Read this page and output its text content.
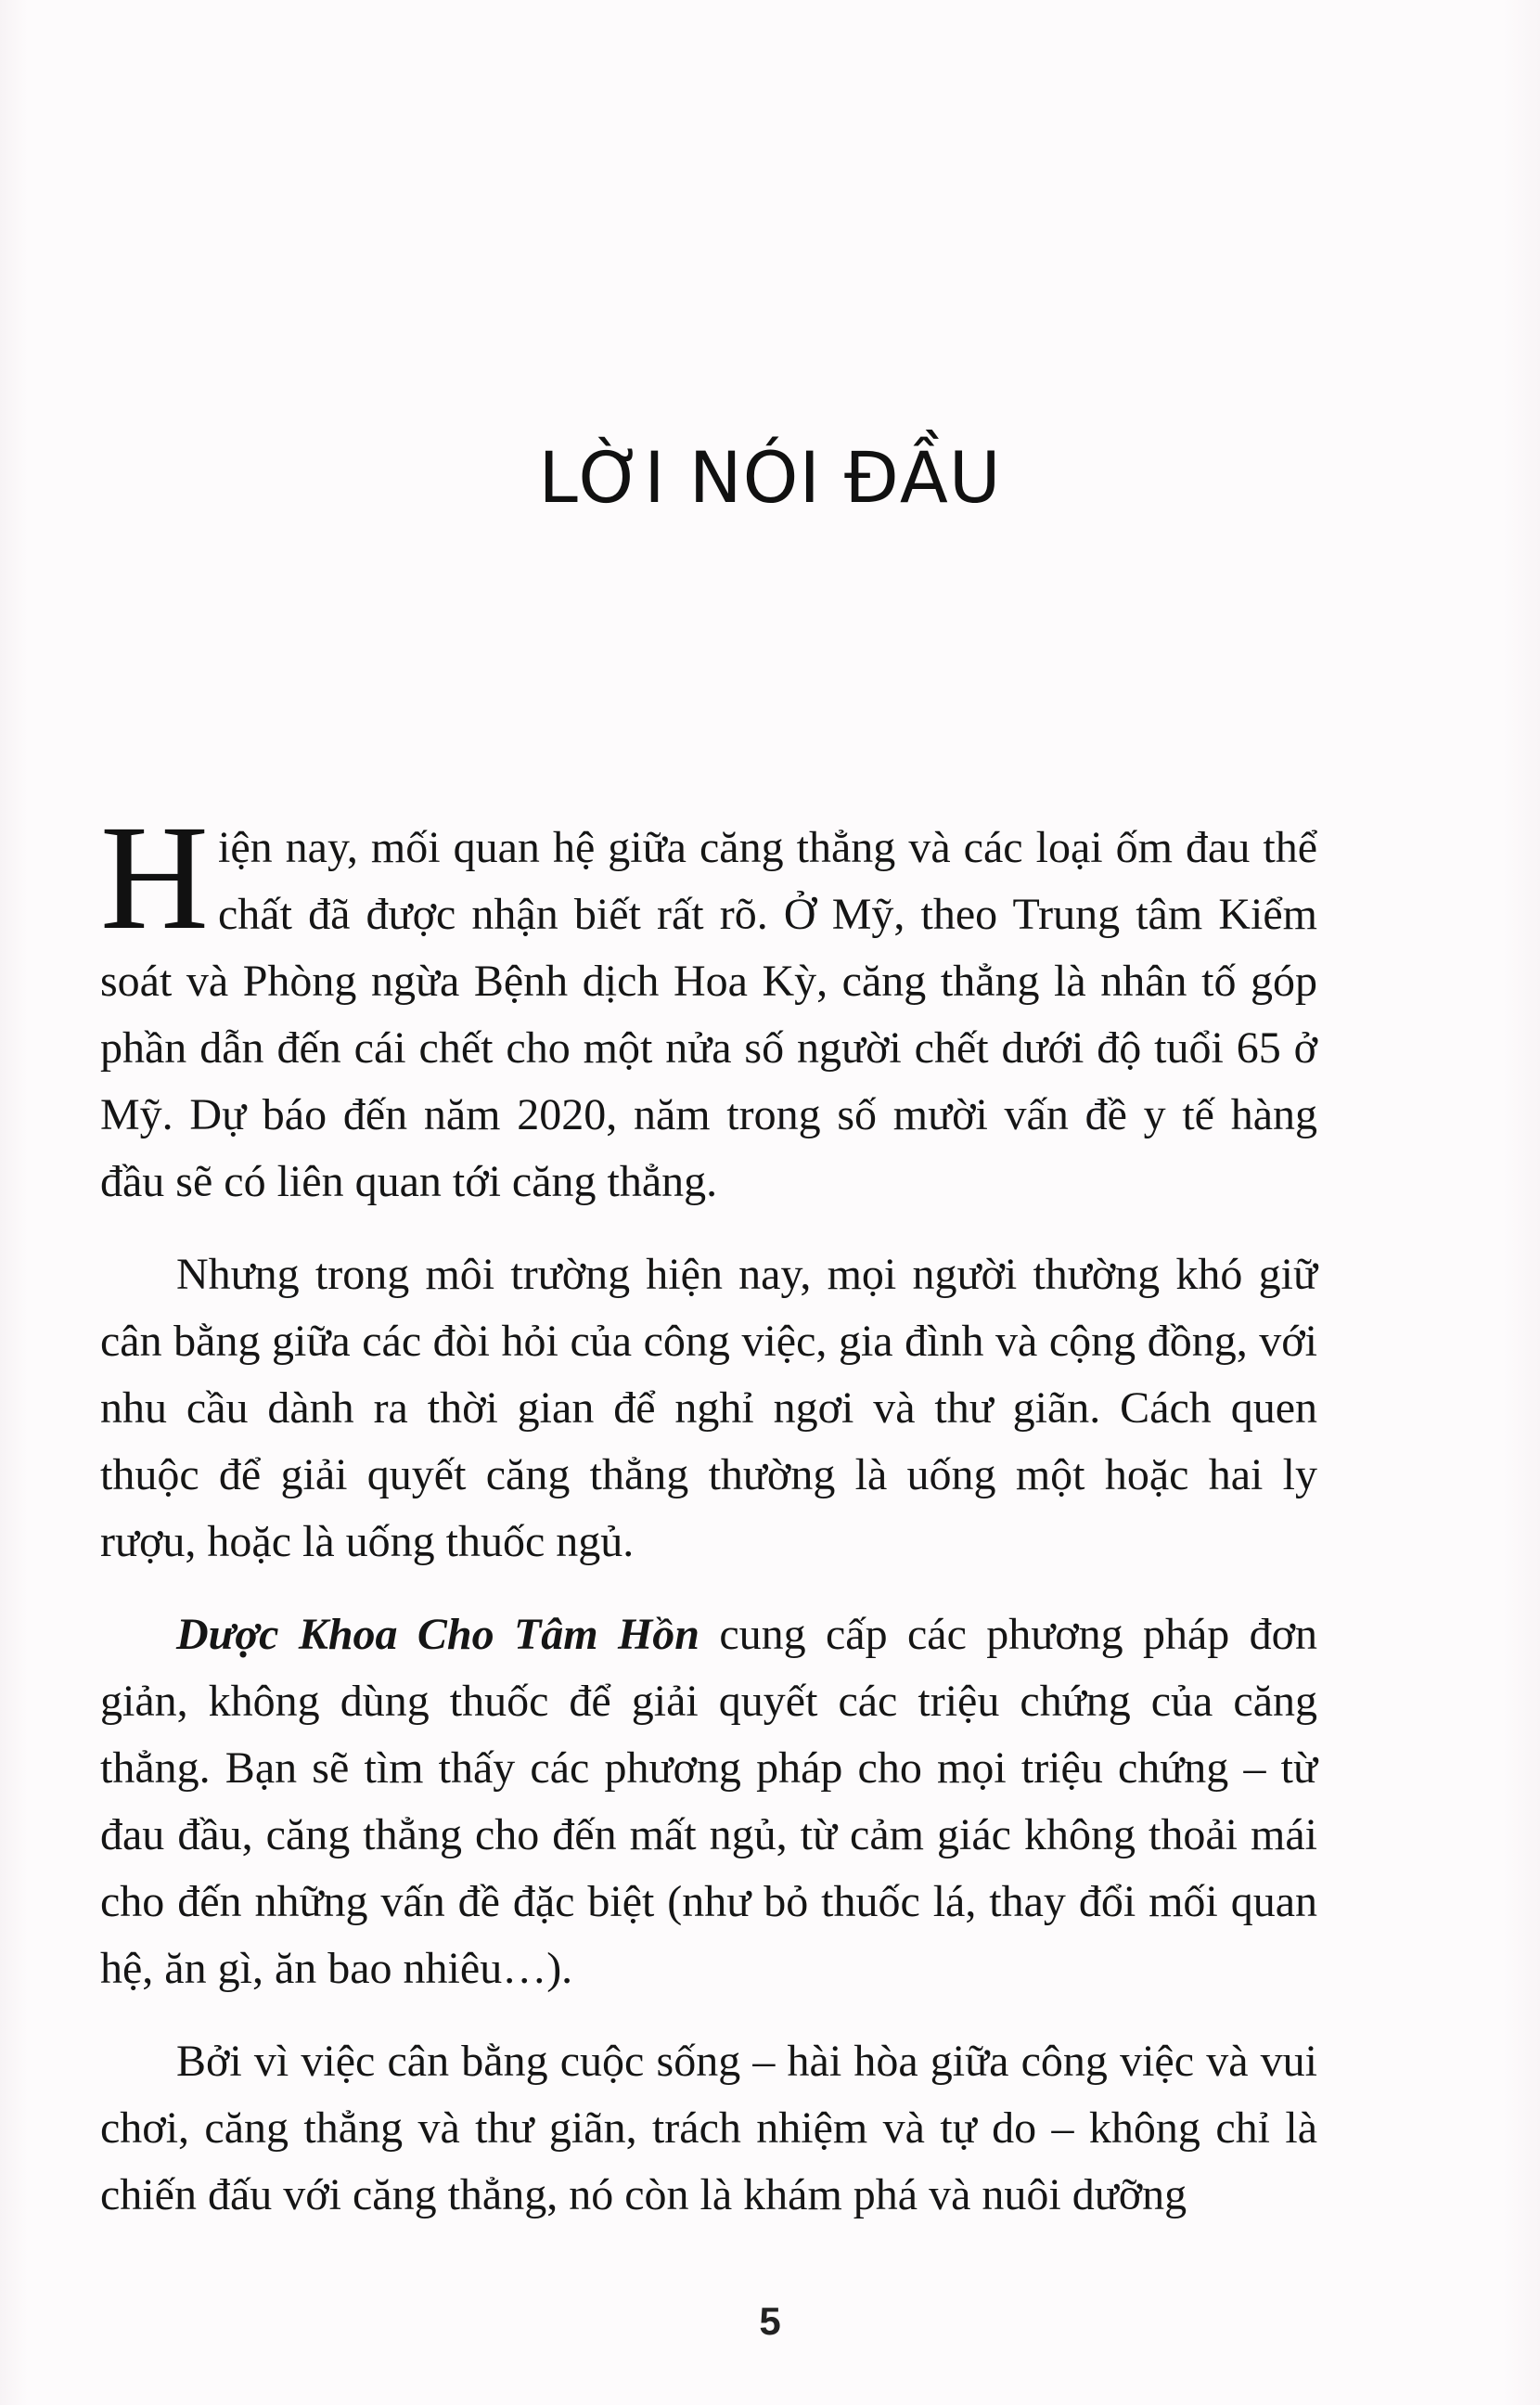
LỜI NÓI ĐẦU

Hiện nay, mối quan hệ giữa căng thẳng và các loại ốm đau thể chất đã được nhận biết rất rõ. Ở Mỹ, theo Trung tâm Kiểm soát và Phòng ngừa Bệnh dịch Hoa Kỳ, căng thẳng là nhân tố góp phần dẫn đến cái chết cho một nửa số người chết dưới độ tuổi 65 ở Mỹ. Dự báo đến năm 2020, năm trong số mười vấn đề y tế hàng đầu sẽ có liên quan tới căng thẳng.

Nhưng trong môi trường hiện nay, mọi người thường khó giữ cân bằng giữa các đòi hỏi của công việc, gia đình và cộng đồng, với nhu cầu dành ra thời gian để nghỉ ngơi và thư giãn. Cách quen thuộc để giải quyết căng thẳng thường là uống một hoặc hai ly rượu, hoặc là uống thuốc ngủ.

Dược Khoa Cho Tâm Hồn cung cấp các phương pháp đơn giản, không dùng thuốc để giải quyết các triệu chứng của căng thẳng. Bạn sẽ tìm thấy các phương pháp cho mọi triệu chứng – từ đau đầu, căng thẳng cho đến mất ngủ, từ cảm giác không thoải mái cho đến những vấn đề đặc biệt (như bỏ thuốc lá, thay đổi mối quan hệ, ăn gì, ăn bao nhiêu…).

Bởi vì việc cân bằng cuộc sống – hài hòa giữa công việc và vui chơi, căng thẳng và thư giãn, trách nhiệm và tự do – không chỉ là chiến đấu với căng thẳng, nó còn là khám phá và nuôi dưỡng

5
